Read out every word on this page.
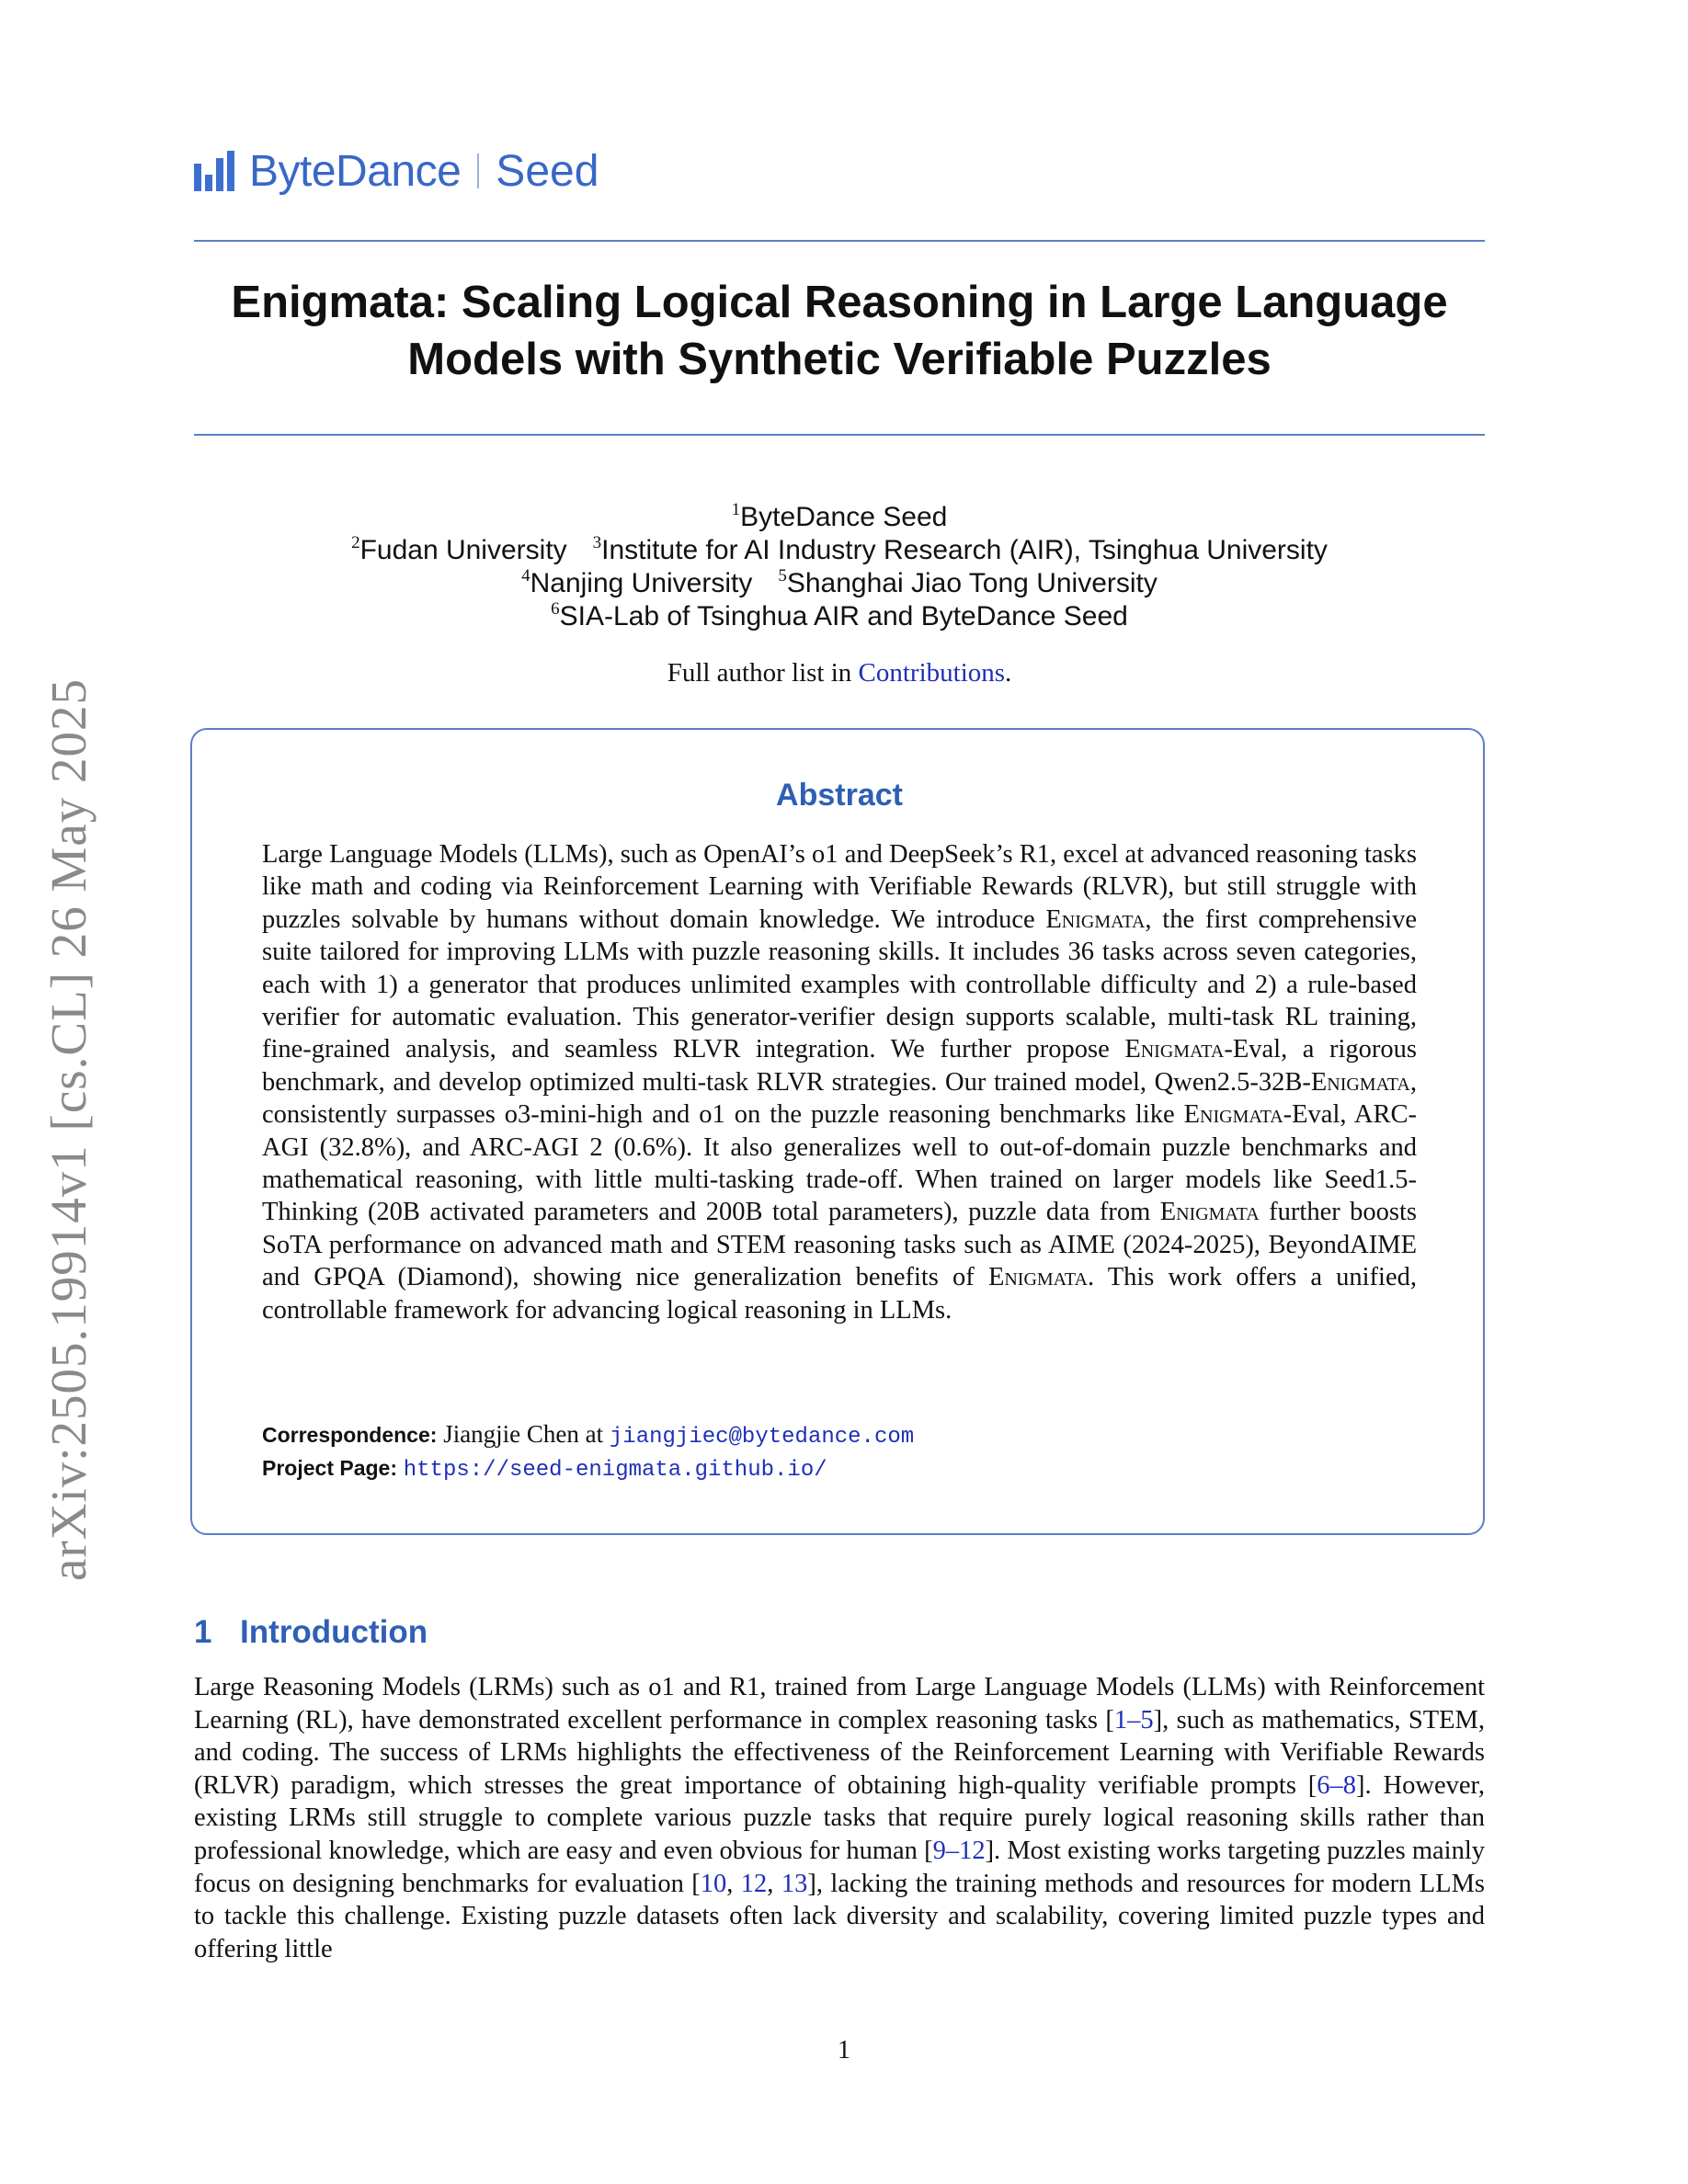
arXiv:2505.19914v1 [cs.CL] 26 May 2025
ByteDance Seed
Enigmata: Scaling Logical Reasoning in Large Language
Models with Synthetic Verifiable Puzzles
$^1$ByteDance Seed
$^2$Fudan University $^3$Institute for AI Industry Research (AIR), Tsinghua University
$^4$Nanjing University $^5$Shanghai Jiao Tong University
$^6$SIA-Lab of Tsinghua AIR and ByteDance Seed
Full author list in Contributions.
Abstract
Large Language Models (LLMs), such as OpenAI’s o1 and DeepSeek’s R1, excel at advanced reasoning tasks like math and coding via Reinforcement Learning with Verifiable Rewards (RLVR), but still struggle with puzzles solvable by humans without domain knowledge. We introduce Enigmata, the first comprehensive suite tailored for improving LLMs with puzzle reasoning skills. It includes 36 tasks across seven categories, each with 1) a generator that produces unlimited examples with controllable difficulty and 2) a rule-based verifier for automatic evaluation. This generator-verifier design supports scalable, multi-task RL training, fine-grained analysis, and seamless RLVR integration. We further propose Enigmata-Eval, a rigorous benchmark, and develop optimized multi-task RLVR strategies. Our trained model, Qwen2.5-32B-Enigmata, consistently surpasses o3-mini-high and o1 on the puzzle reasoning benchmarks like Enigmata-Eval, ARC-AGI (32.8%), and ARC-AGI 2 (0.6%). It also generalizes well to out-of-domain puzzle benchmarks and mathematical reasoning, with little multi-tasking trade-off. When trained on larger models like Seed1.5-Thinking (20B activated parameters and 200B total parameters), puzzle data from Enigmata further boosts SoTA performance on advanced math and STEM reasoning tasks such as AIME (2024-2025), BeyondAIME and GPQA (Diamond), showing nice generalization benefits of Enigmata. This work offers a unified, controllable framework for advancing logical reasoning in LLMs.
Correspondence: Jiangjie Chen at jiangjiec@bytedance.com
Project Page: https://seed-enigmata.github.io/
1 Introduction
Large Reasoning Models (LRMs) such as o1 and R1, trained from Large Language Models (LLMs) with Reinforcement Learning (RL), have demonstrated excellent performance in complex reasoning tasks [1–5], such as mathematics, STEM, and coding. The success of LRMs highlights the effectiveness of the Reinforcement Learning with Verifiable Rewards (RLVR) paradigm, which stresses the great importance of obtaining high-quality verifiable prompts [6–8]. However, existing LRMs still struggle to complete various puzzle tasks that require purely logical reasoning skills rather than professional knowledge, which are easy and even obvious for human [9–12]. Most existing works targeting puzzles mainly focus on designing benchmarks for evaluation [10, 12, 13], lacking the training methods and resources for modern LLMs to tackle this challenge. Existing puzzle datasets often lack diversity and scalability, covering limited puzzle types and offering little
1
